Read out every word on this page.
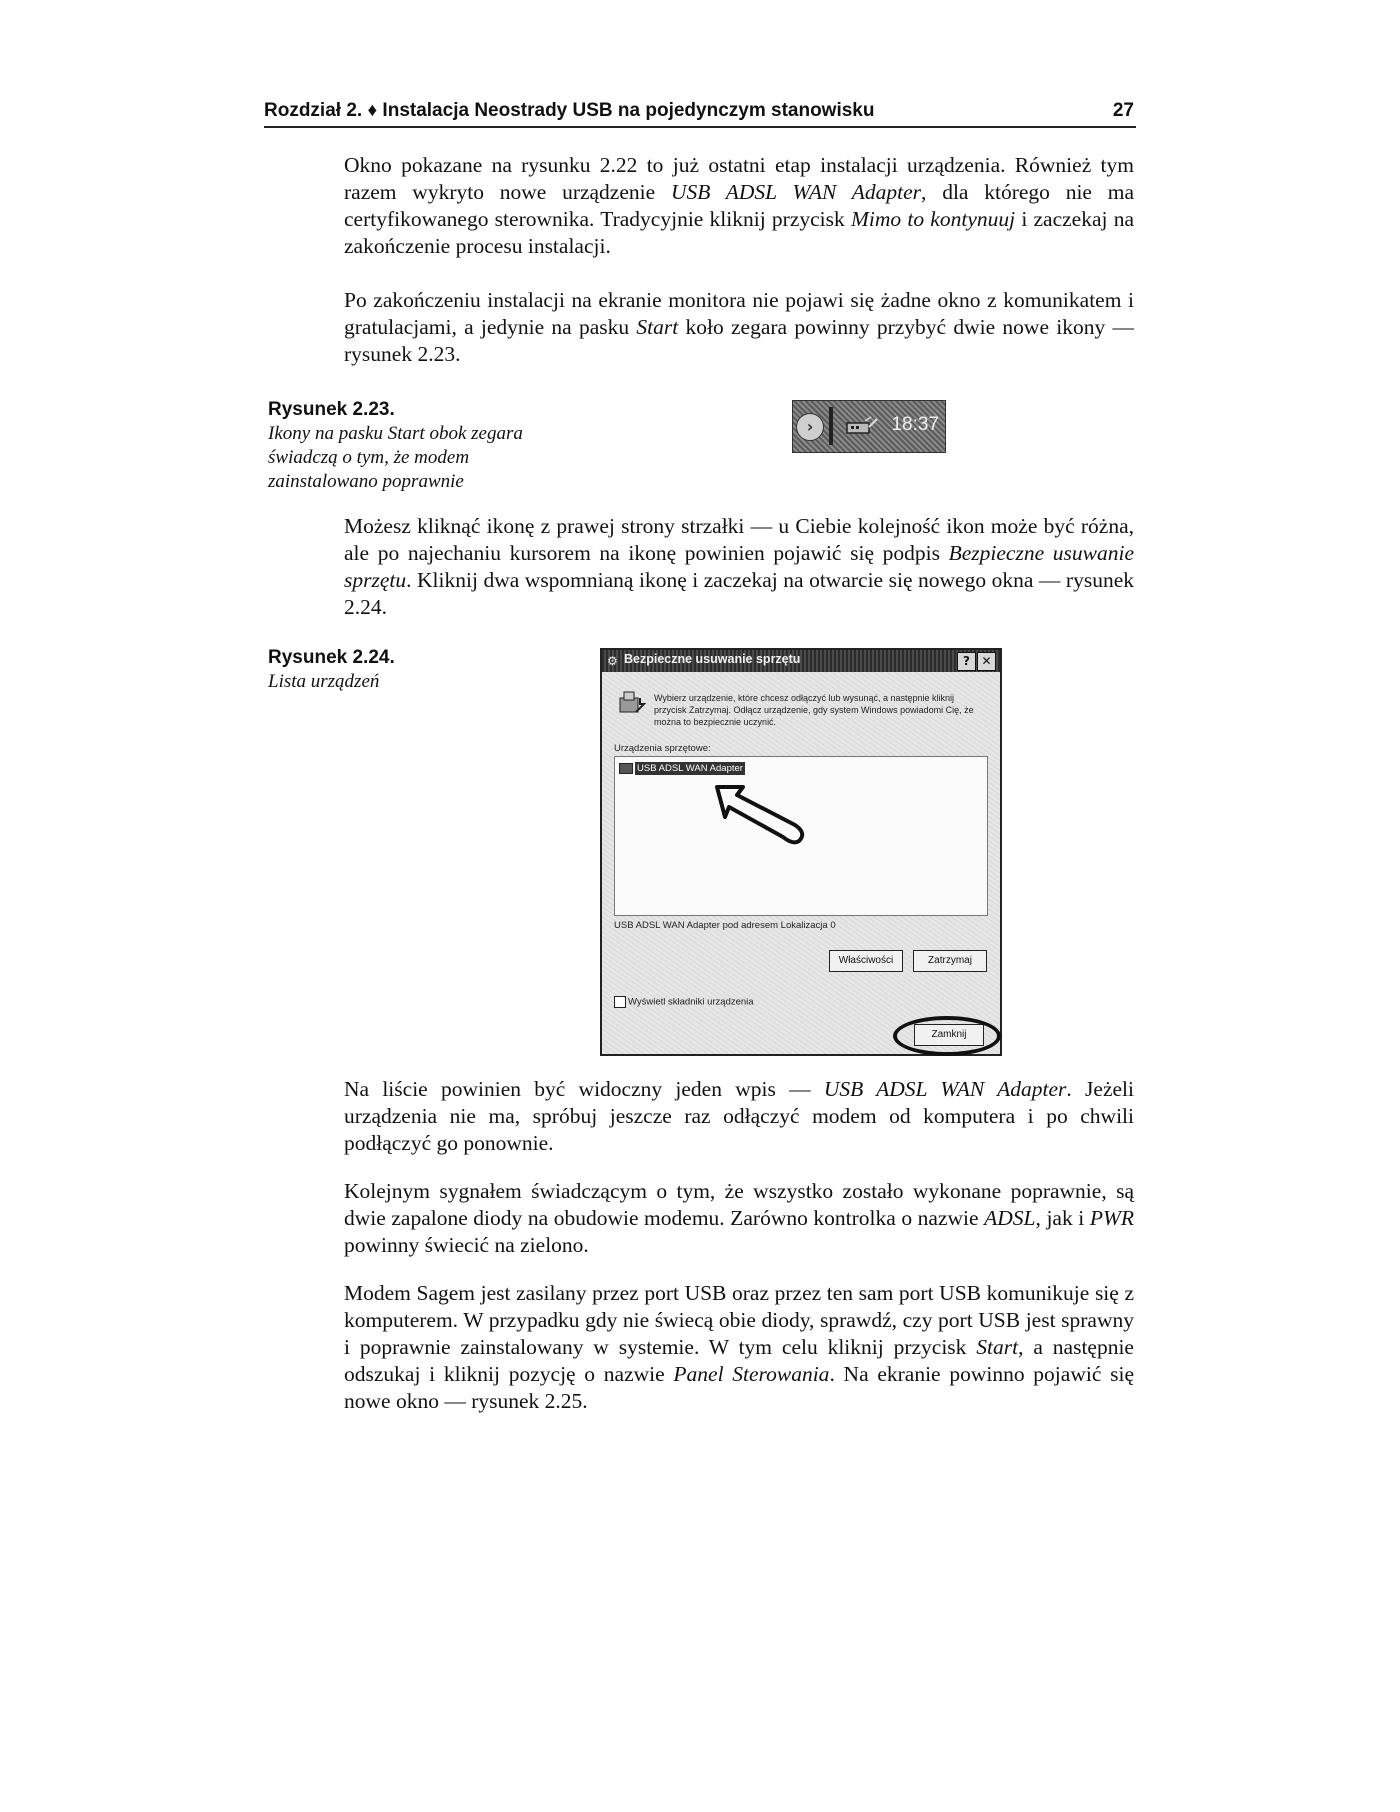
Rozdział 2. ♦ Instalacja Neostrady USB na pojedynczym stanowisku	27

Okno pokazane na rysunku 2.22 to już ostatni etap instalacji urządzenia. Również tym razem wykryto nowe urządzenie USB ADSL WAN Adapter, dla którego nie ma certyfikowanego sterownika. Tradycyjnie kliknij przycisk Mimo to kontynuuj i zaczekaj na zakończenie procesu instalacji.

Po zakończeniu instalacji na ekranie monitora nie pojawi się żadne okno z komunikatem i gratulacjami, a jedynie na pasku Start koło zegara powinny przybyć dwie nowe ikony — rysunek 2.23.

Rysunek 2.23.
Ikony na pasku Start obok zegara świadczą o tym, że modem zainstalowano poprawnie
›	18:37

Możesz kliknąć ikonę z prawej strony strzałki — u Ciebie kolejność ikon może być różna, ale po najechaniu kursorem na ikonę powinien pojawić się podpis Bezpieczne usuwanie sprzętu. Kliknij dwa wspomnianą ikonę i zaczekaj na otwarcie się nowego okna — rysunek 2.24.

Rysunek 2.24.
Lista urządzeń
⚙ Bezpieczne usuwanie sprzętu	? ✕
Wybierz urządzenie, które chcesz odłączyć lub wysunąć, a następnie kliknij przycisk Zatrzymaj. Odłącz urządzenie, gdy system Windows powiadomi Cię, że można to bezpiecznie uczynić.
Urządzenia sprzętowe:
USB ADSL WAN Adapter
USB ADSL WAN Adapter pod adresem Lokalizacja 0
Właściwości	Zatrzymaj
Wyświetl składniki urządzenia
Zamknij

Na liście powinien być widoczny jeden wpis — USB ADSL WAN Adapter. Jeżeli urządzenia nie ma, spróbuj jeszcze raz odłączyć modem od komputera i po chwili podłączyć go ponownie.

Kolejnym sygnałem świadczącym o tym, że wszystko zostało wykonane poprawnie, są dwie zapalone diody na obudowie modemu. Zarówno kontrolka o nazwie ADSL, jak i PWR powinny świecić na zielono.

Modem Sagem jest zasilany przez port USB oraz przez ten sam port USB komunikuje się z komputerem. W przypadku gdy nie świecą obie diody, sprawdź, czy port USB jest sprawny i poprawnie zainstalowany w systemie. W tym celu kliknij przycisk Start, a następnie odszukaj i kliknij pozycję o nazwie Panel Sterowania. Na ekranie powinno pojawić się nowe okno — rysunek 2.25.
